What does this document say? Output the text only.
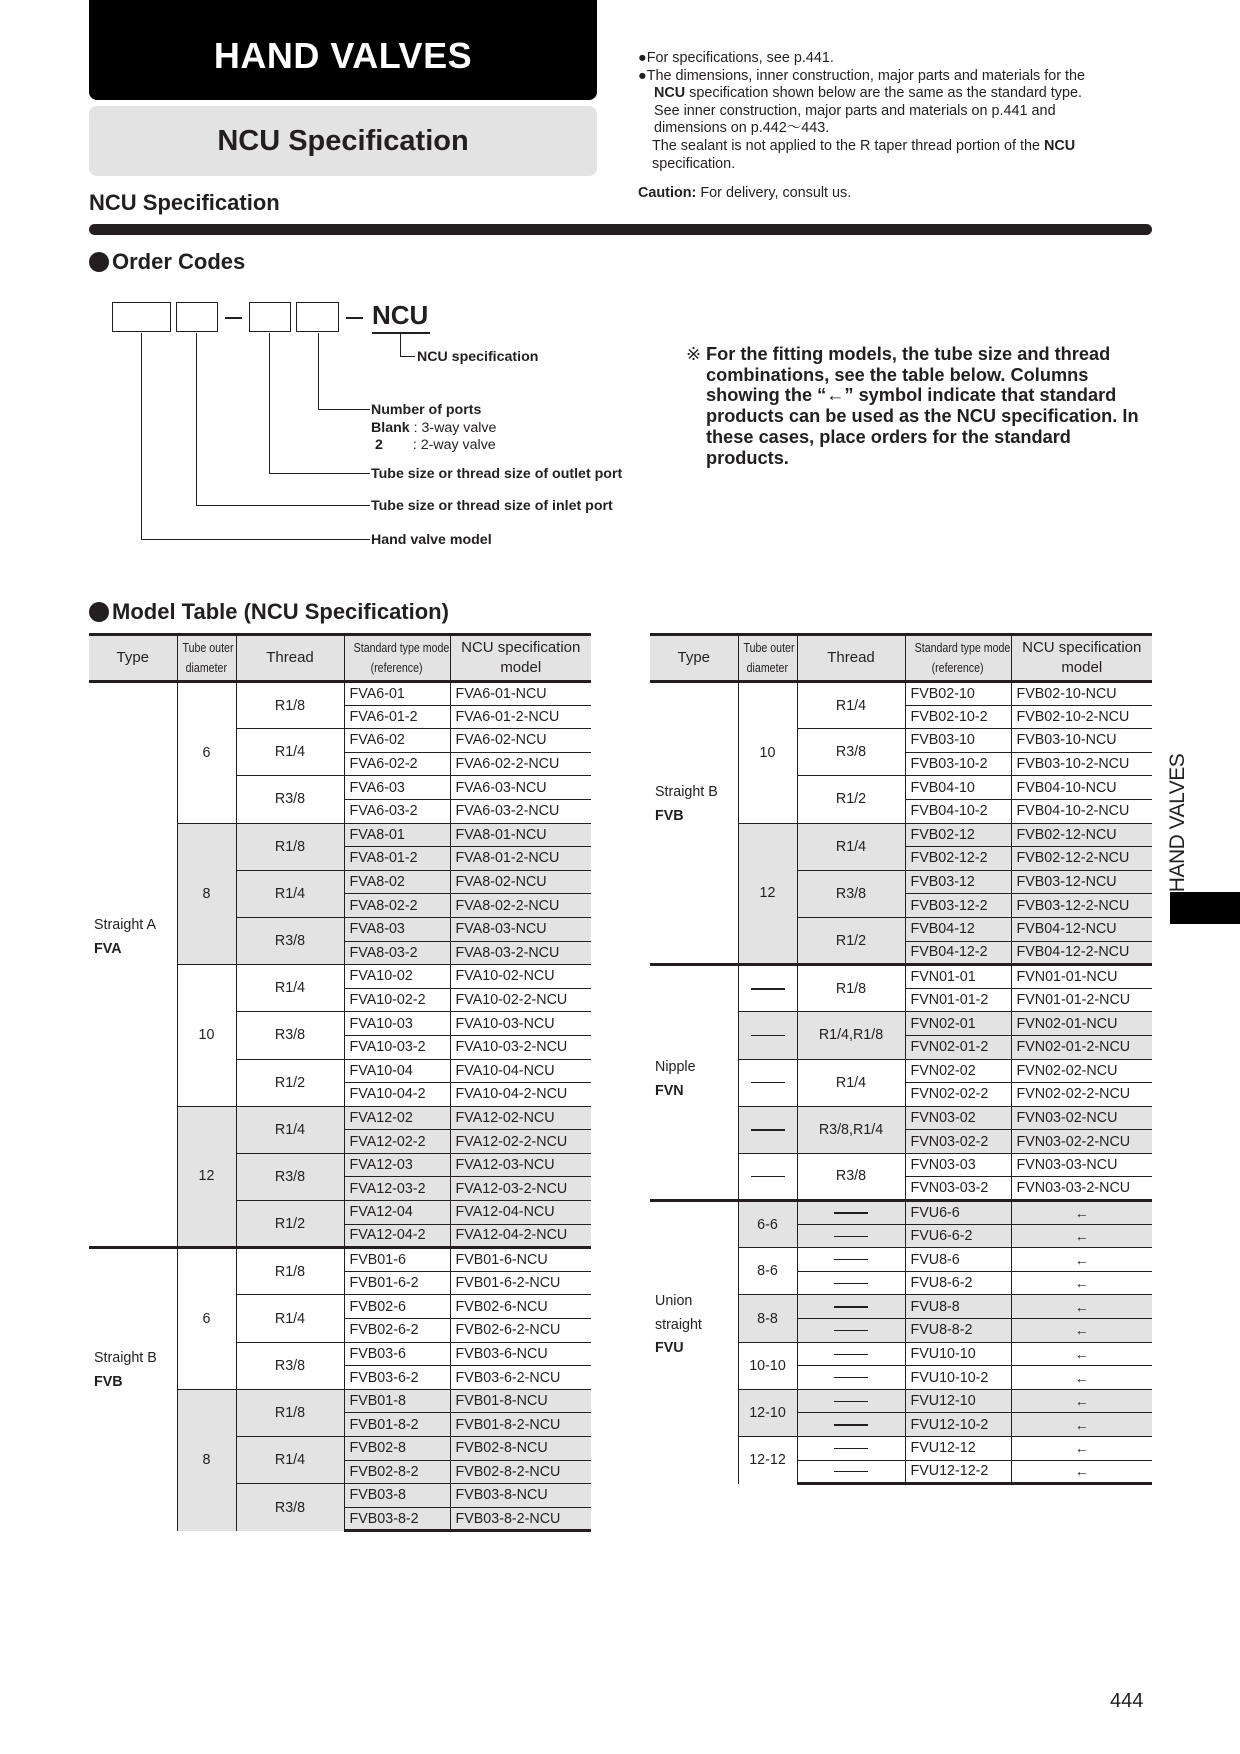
HAND VALVES
NCU Specification
NCU Specification
●For specifications, see p.441.
●The dimensions, inner construction, major parts and materials for the
NCU specification shown below are the same as the standard type.
See inner construction, major parts and materials on p.441 and
dimensions on p.442～443.
The sealant is not applied to the R taper thread portion of the NCU
specification.
Caution: For delivery, consult us.
Order Codes
NCU
NCU specification
Number of ports
Blank : 3-way valve
2 : 2-way valve
Tube size or thread size of outlet port
Tube size or thread size of inlet port
Hand valve model
※ For the fitting models, the tube size and thread combinations, see the table below. Columns showing the “←” symbol indicate that standard products can be used as the NCU specification. In these cases, place orders for the standard products.
Model Table (NCU Specification)
Type	Tube outer
diameter	Thread	Standard type model
(reference)	NCU specification
model

Straight A
FVA	6	R1/8	FVA6-01	FVA6-01-NCU
			FVA6-01-2	FVA6-01-2-NCU
		R1/4	FVA6-02	FVA6-02-NCU
			FVA6-02-2	FVA6-02-2-NCU
		R3/8	FVA6-03	FVA6-03-NCU
			FVA6-03-2	FVA6-03-2-NCU
	8	R1/8	FVA8-01	FVA8-01-NCU
			FVA8-01-2	FVA8-01-2-NCU
		R1/4	FVA8-02	FVA8-02-NCU
			FVA8-02-2	FVA8-02-2-NCU
		R3/8	FVA8-03	FVA8-03-NCU
			FVA8-03-2	FVA8-03-2-NCU
	10	R1/4	FVA10-02	FVA10-02-NCU
			FVA10-02-2	FVA10-02-2-NCU
		R3/8	FVA10-03	FVA10-03-NCU
			FVA10-03-2	FVA10-03-2-NCU
		R1/2	FVA10-04	FVA10-04-NCU
			FVA10-04-2	FVA10-04-2-NCU
	12	R1/4	FVA12-02	FVA12-02-NCU
			FVA12-02-2	FVA12-02-2-NCU
		R3/8	FVA12-03	FVA12-03-NCU
			FVA12-03-2	FVA12-03-2-NCU
		R1/2	FVA12-04	FVA12-04-NCU
			FVA12-04-2	FVA12-04-2-NCU

Straight B
FVB	6	R1/8	FVB01-6	FVB01-6-NCU
			FVB01-6-2	FVB01-6-2-NCU
		R1/4	FVB02-6	FVB02-6-NCU
			FVB02-6-2	FVB02-6-2-NCU
		R3/8	FVB03-6	FVB03-6-NCU
			FVB03-6-2	FVB03-6-2-NCU
	8	R1/8	FVB01-8	FVB01-8-NCU
			FVB01-8-2	FVB01-8-2-NCU
		R1/4	FVB02-8	FVB02-8-NCU
			FVB02-8-2	FVB02-8-2-NCU
		R3/8	FVB03-8	FVB03-8-NCU
			FVB03-8-2	FVB03-8-2-NCU
Type	Tube outer
diameter	Thread	Standard type model
(reference)	NCU specification
model

Straight B
FVB	10	R1/4	FVB02-10	FVB02-10-NCU
			FVB02-10-2	FVB02-10-2-NCU
		R3/8	FVB03-10	FVB03-10-NCU
			FVB03-10-2	FVB03-10-2-NCU
		R1/2	FVB04-10	FVB04-10-NCU
			FVB04-10-2	FVB04-10-2-NCU
	12	R1/4	FVB02-12	FVB02-12-NCU
			FVB02-12-2	FVB02-12-2-NCU
		R3/8	FVB03-12	FVB03-12-NCU
			FVB03-12-2	FVB03-12-2-NCU
		R1/2	FVB04-12	FVB04-12-NCU
			FVB04-12-2	FVB04-12-2-NCU

Nipple
FVN		R1/8	FVN01-01	FVN01-01-NCU
			FVN01-01-2	FVN01-01-2-NCU
		R1/4,R1/8	FVN02-01	FVN02-01-NCU
			FVN02-01-2	FVN02-01-2-NCU
		R1/4	FVN02-02	FVN02-02-NCU
			FVN02-02-2	FVN02-02-2-NCU
		R3/8,R1/4	FVN03-02	FVN03-02-NCU
			FVN03-02-2	FVN03-02-2-NCU
		R3/8	FVN03-03	FVN03-03-NCU
			FVN03-03-2	FVN03-03-2-NCU

Union
straight
FVU	6-6		FVU6-6	←
			FVU6-6-2	←
	8-6		FVU8-6	←
			FVU8-6-2	←
	8-8		FVU8-8	←
			FVU8-8-2	←
	10-10		FVU10-10	←
			FVU10-10-2	←
	12-10		FVU12-10	←
			FVU12-10-2	←
	12-12		FVU12-12	←
			FVU12-12-2	←
HAND VALVES
444
